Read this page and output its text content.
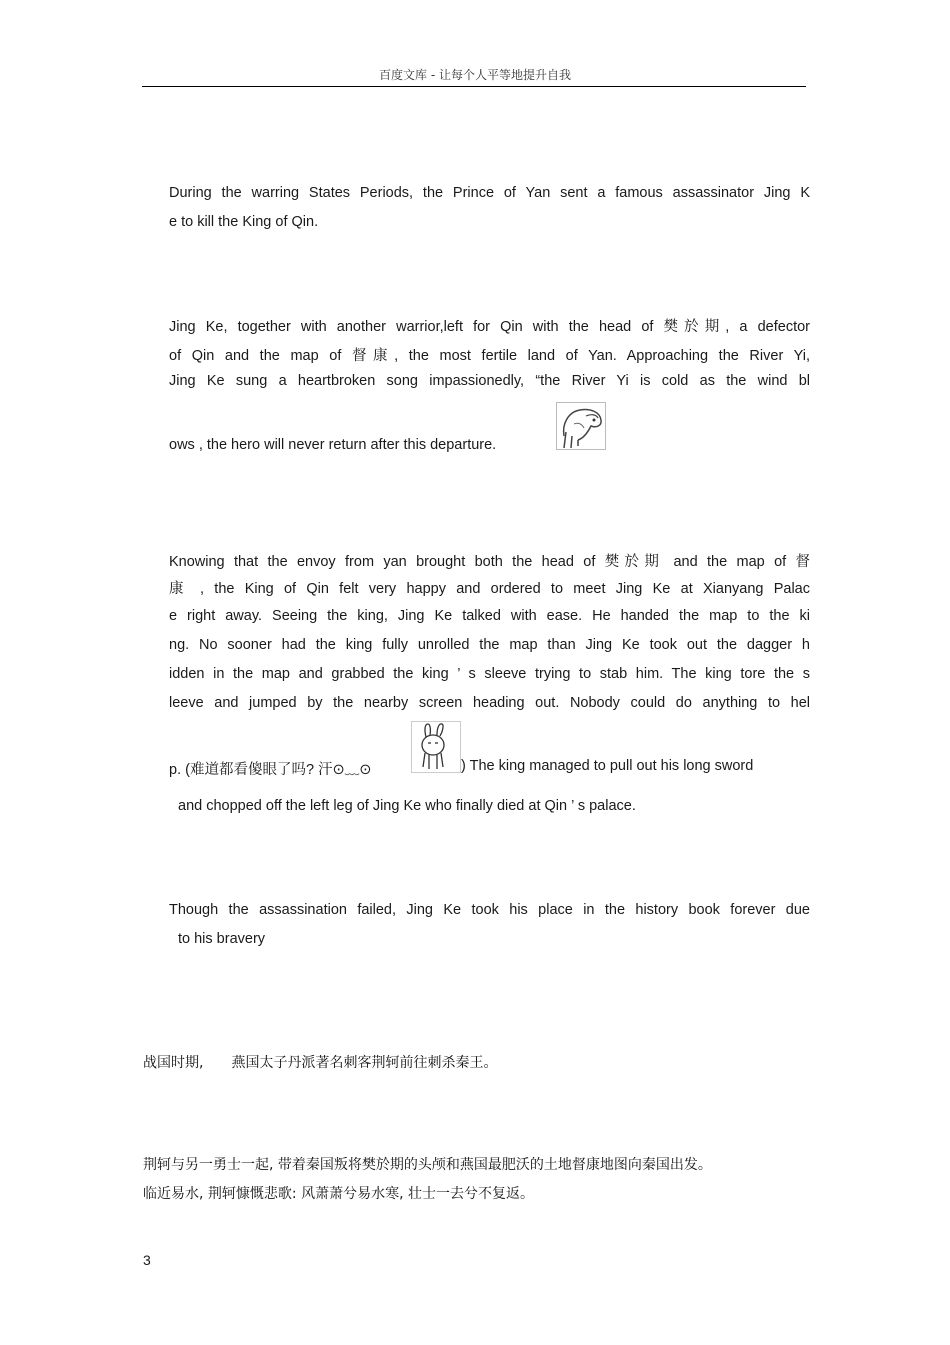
百度文库 - 让每个人平等地提升自我
During the warring States Periods, the Prince of Yan sent a famous assassinator Jing K
e to kill the King of Qin.
Jing Ke, together with another warrior,left for Qin with the head of 樊於期, a defector
of Qin and the map of 督康, the most fertile land of Yan. Approaching the River Yi,
Jing Ke sung a heartbroken song impassionedly, “the River Yi is cold as the wind bl
ows , the hero will never return after this departure.
Knowing that the envoy from yan brought both the head of 樊於期 and the map of 督
康 , the King of Qin felt very happy and ordered to meet Jing Ke at Xianyang Palac
e right away. Seeing the king, Jing Ke talked with ease. He handed the map to the ki
ng. No sooner had the king fully unrolled the map than Jing Ke took out the dagger h
idden in the map and grabbed the king ’ s sleeve trying to stab him. The king tore the s
leeve and jumped by the nearby screen heading out. Nobody could do anything to hel
p. (难道都看傻眼了吗? 汗⊙﹏⊙	) The king managed to pull out his long sword
and chopped off the left leg of Jing Ke who finally died at Qin ’ s palace.
Though the assassination failed, Jing Ke took his place in the history book forever due
to his bravery
战国时期,　　燕国太子丹派著名刺客荆轲前往刺杀秦王。
荆轲与另一勇士一起, 带着秦国叛将樊於期的头颅和燕国最肥沃的土地督康地图向秦国出发。
临近易水, 荆轲慷慨悲歌: 风萧萧兮易水寒, 壮士一去兮不复返。
3
